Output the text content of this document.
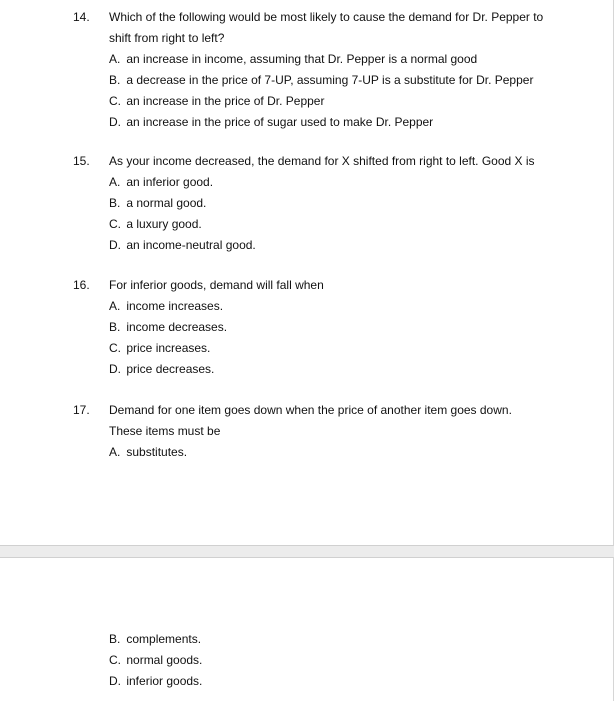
14. Which of the following would be most likely to cause the demand for Dr. Pepper to shift from right to left?
A. an increase in income, assuming that Dr. Pepper is a normal good
B. a decrease in the price of 7-UP, assuming 7-UP is a substitute for Dr. Pepper
C. an increase in the price of Dr. Pepper
D. an increase in the price of sugar used to make Dr. Pepper
15. As your income decreased, the demand for X shifted from right to left. Good X is
A. an inferior good.
B. a normal good.
C. a luxury good.
D. an income-neutral good.
16. For inferior goods, demand will fall when
A. income increases.
B. income decreases.
C. price increases.
D. price decreases.
17. Demand for one item goes down when the price of another item goes down. These items must be
A. substitutes.
B. complements.
C. normal goods.
D. inferior goods.
